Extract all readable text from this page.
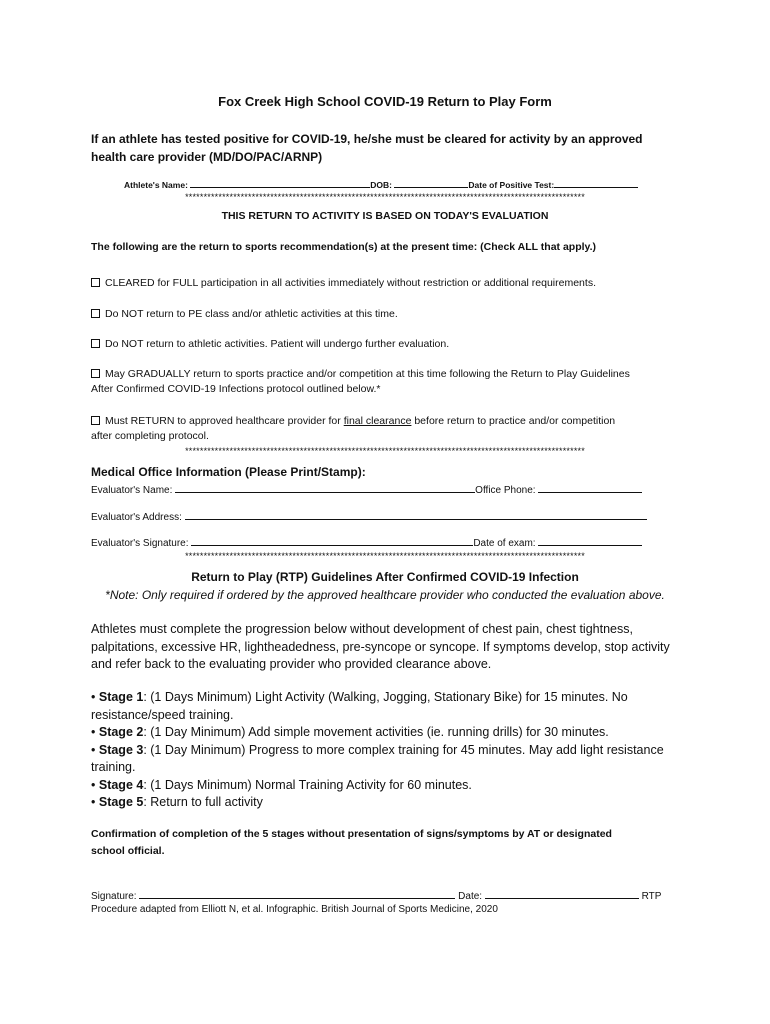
Fox Creek High School COVID-19 Return to Play Form
If an athlete has tested positive for COVID-19, he/she must be cleared for activity by an approved
health care provider (MD/DO/PAC/ARNP)
Athlete's Name:	DOB:	Date of Positive Test:
************************************************************************************************************
THIS RETURN TO ACTIVITY IS BASED ON TODAY'S EVALUATION
The following are the return to sports recommendation(s) at the present time: (Check ALL that apply.)
CLEARED for FULL participation in all activities immediately without restriction or additional requirements.
Do NOT return to PE class and/or athletic activities at this time.
Do NOT return to athletic activities. Patient will undergo further evaluation.
May GRADUALLY return to sports practice and/or competition at this time following the Return to Play Guidelines
After Confirmed COVID-19 Infections protocol outlined below.*
Must RETURN to approved healthcare provider for final clearance before return to practice and/or competition
after completing protocol.
************************************************************************************************************
Medical Office Information (Please Print/Stamp):
Evaluator's Name:	Office Phone:
Evaluator's Address:
Evaluator's Signature:	Date of exam:
************************************************************************************************************
Return to Play (RTP) Guidelines After Confirmed COVID-19 Infection
*Note: Only required if ordered by the approved healthcare provider who conducted the evaluation above.
Athletes must complete the progression below without development of chest pain, chest tightness,
palpitations, excessive HR, lightheadedness, pre-syncope or syncope. If symptoms develop, stop activity
and refer back to the evaluating provider who provided clearance above.
• Stage 1: (1 Days Minimum) Light Activity (Walking, Jogging, Stationary Bike) for 15 minutes. No
resistance/speed training.
• Stage 2: (1 Day Minimum) Add simple movement activities (ie. running drills) for 30 minutes.
• Stage 3: (1 Day Minimum) Progress to more complex training for 45 minutes. May add light resistance
training.
• Stage 4: (1 Days Minimum) Normal Training Activity for 60 minutes.
• Stage 5: Return to full activity
Confirmation of completion of the 5 stages without presentation of signs/symptoms by AT or designated
school official.
Signature:	Date:	RTP
Procedure adapted from Elliott N, et al. Infographic. British Journal of Sports Medicine, 2020
